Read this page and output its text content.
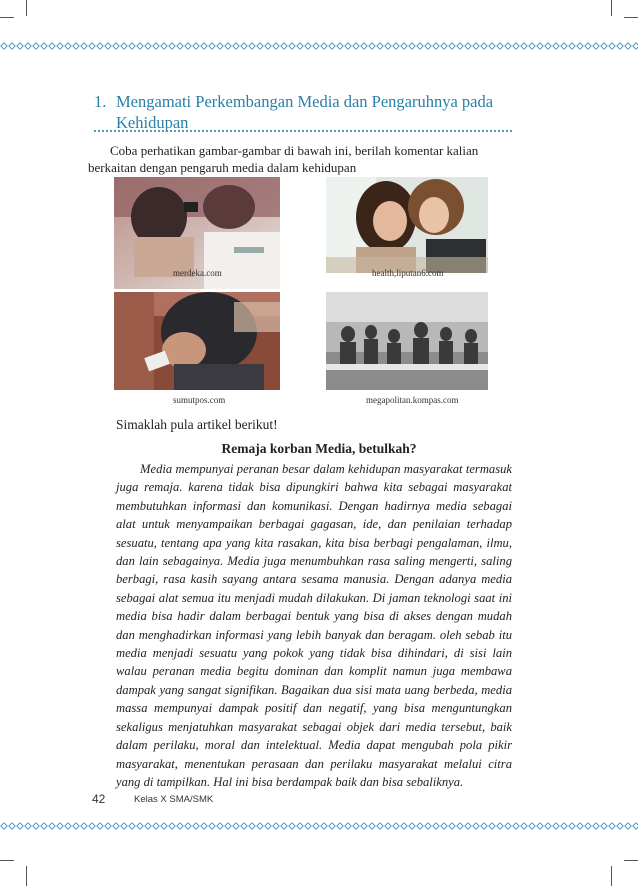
1. Mengamati Perkembangan Media dan Pengaruhnya pada Kehidupan
Coba perhatikan gambar-gambar di bawah ini, berilah komentar kalian
berkaitan dengan pengaruh media dalam kehidupan
merdeka.com	health,liputan6.com
sumutpos.com	megapolitan.kompas.com
Simaklah pula artikel berikut!
Remaja korban Media, betulkah?

Media mempunyai peranan besar dalam kehidupan masyarakat termasuk juga remaja. karena tidak bisa dipungkiri bahwa kita sebagai masyarakat membutuhkan informasi dan komunikasi. Dengan hadirnya media sebagai alat untuk menyampaikan berbagai gagasan, ide, dan penilaian terhadap sesuatu, tentang apa yang kita rasakan, kita bisa berbagi pengalaman, ilmu, dan lain sebagainya. Media juga menumbuhkan rasa saling mengerti, saling berbagi, rasa kasih sayang antara sesama manusia. Dengan adanya media sebagai alat semua itu menjadi mudah dilakukan. Di jaman teknologi saat ini media bisa hadir dalam berbagai bentuk yang bisa di akses dengan mudah dan menghadirkan informasi yang lebih banyak dan beragam. oleh sebab itu media menjadi sesuatu yang pokok yang tidak bisa dihindari, di sisi lain walau peranan media begitu dominan dan komplit namun juga membawa dampak yang sangat signifikan. Bagaikan dua sisi mata uang berbeda, media massa mempunyai dampak positif dan negatif, yang bisa menguntungkan sekaligus menjatuhkan masyarakat sebagai objek dari media tersebut, baik dalam perilaku, moral dan intelektual. Media dapat mengubah pola pikir masyarakat, menentukan perasaan dan perilaku masyarakat melalui citra yang di tampilkan. Hal ini bisa berdampak baik dan bisa sebaliknya.

42	Kelas X SMA/SMK
